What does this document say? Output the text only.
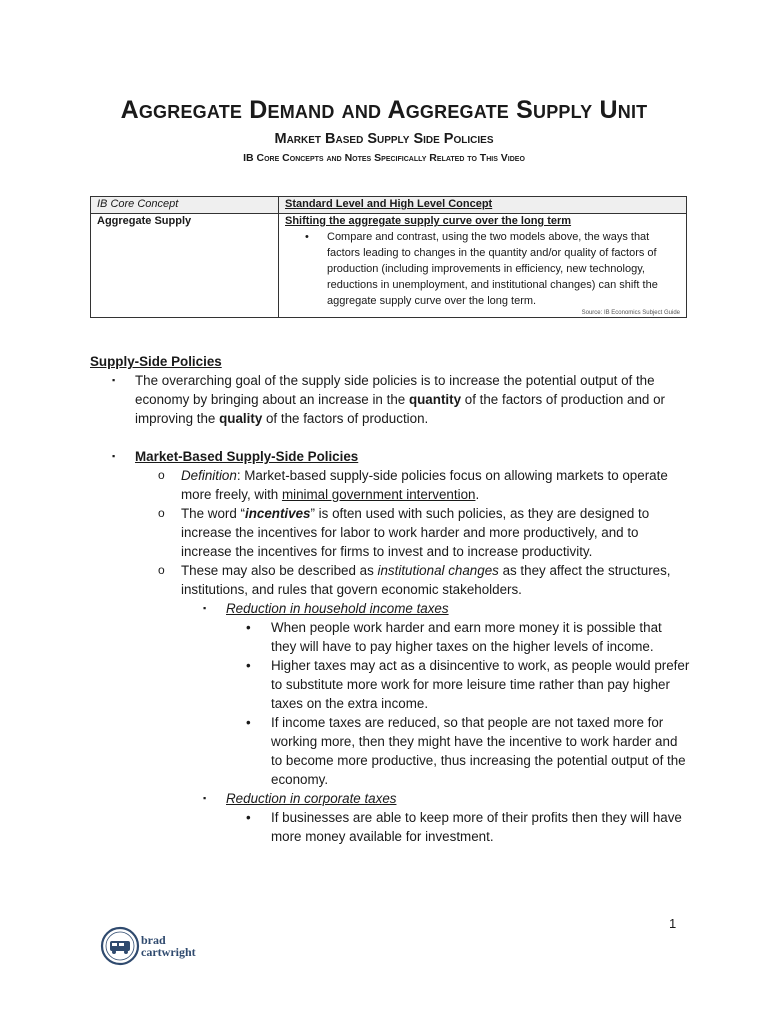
Aggregate Demand and Aggregate Supply Unit
Market Based Supply Side Policies
IB Core Concepts and Notes Specifically Related to This Video
IB Core Concept	Standard Level and High Level Concept
Aggregate Supply	Shifting the aggregate supply curve over the long term
• Compare and contrast, using the two models above, the ways that factors leading to changes in the quantity and/or quality of factors of production (including improvements in efficiency, new technology, reductions in unemployment, and institutional changes) can shift the aggregate supply curve over the long term.
Source: IB Economics Subject Guide
Supply-Side Policies
▪ The overarching goal of the supply side policies is to increase the potential output of the economy by bringing about an increase in the quantity of the factors of production and or improving the quality of the factors of production.
▪ Market-Based Supply-Side Policies
o Definition: Market-based supply-side policies focus on allowing markets to operate more freely, with minimal government intervention.
o The word “incentives” is often used with such policies, as they are designed to increase the incentives for labor to work harder and more productively, and to increase the incentives for firms to invest and to increase productivity.
o These may also be described as institutional changes as they affect the structures, institutions, and rules that govern economic stakeholders.
▪ Reduction in household income taxes
• When people work harder and earn more money it is possible that they will have to pay higher taxes on the higher levels of income.
• Higher taxes may act as a disincentive to work, as people would prefer to substitute more work for more leisure time rather than pay higher taxes on the extra income.
• If income taxes are reduced, so that people are not taxed more for working more, then they might have the incentive to work harder and to become more productive, thus increasing the potential output of the economy.
▪ Reduction in corporate taxes
• If businesses are able to keep more of their profits then they will have more money available for investment.
1
brad
cartwright
